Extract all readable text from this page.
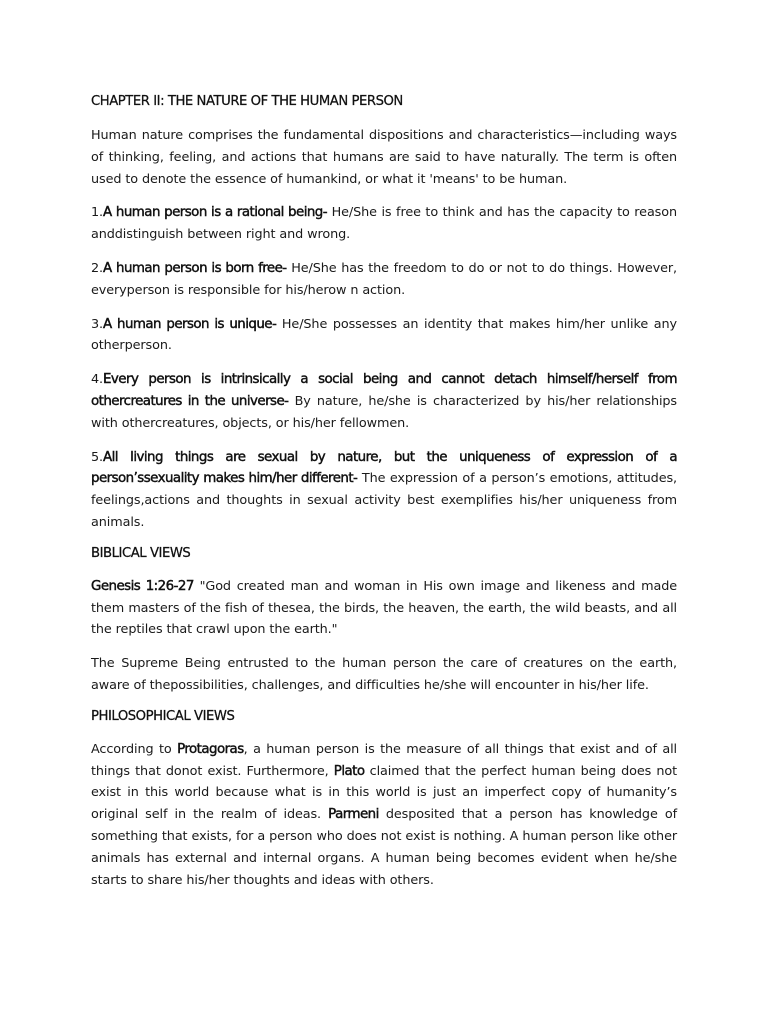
CHAPTER II: THE NATURE OF THE HUMAN PERSON

Human nature comprises the fundamental dispositions and characteristics—including ways of thinking, feeling, and actions that humans are said to have naturally. The term is often used to denote the essence of humankind, or what it 'means' to be human.

1.A human person is a rational being- He/She is free to think and has the capacity to reason anddistinguish between right and wrong.

2.A human person is born free- He/She has the freedom to do or not to do things. However, everyperson is responsible for his/herow n action.

3.A human person is unique- He/She possesses an identity that makes him/her unlike any otherperson.

4.Every person is intrinsically a social being and cannot detach himself/herself from othercreatures in the universe- By nature, he/she is characterized by his/her relationships with othercreatures, objects, or his/her fellowmen.

5.All living things are sexual by nature, but the uniqueness of expression of a person’ssexuality makes him/her different- The expression of a person’s emotions, attitudes, feelings,actions and thoughts in sexual activity best exemplifies his/her uniqueness from animals.

BIBLICAL VIEWS

Genesis 1:26-27 "God created man and woman in His own image and likeness and made them masters of the fish of thesea, the birds, the heaven, the earth, the wild beasts, and all the reptiles that crawl upon the earth."

The Supreme Being entrusted to the human person the care of creatures on the earth, aware of thepossibilities, challenges, and difficulties he/she will encounter in his/her life.

PHILOSOPHICAL VIEWS

According to Protagoras, a human person is the measure of all things that exist and of all things that donot exist. Furthermore, Plato claimed that the perfect human being does not exist in this world because what is in this world is just an imperfect copy of humanity’s original self in the realm of ideas. Parmeni desposited that a person has knowledge of something that exists, for a person who does not exist is nothing. A human person like other animals has external and internal organs. A human being becomes evident when he/she starts to share his/her thoughts and ideas with others.
